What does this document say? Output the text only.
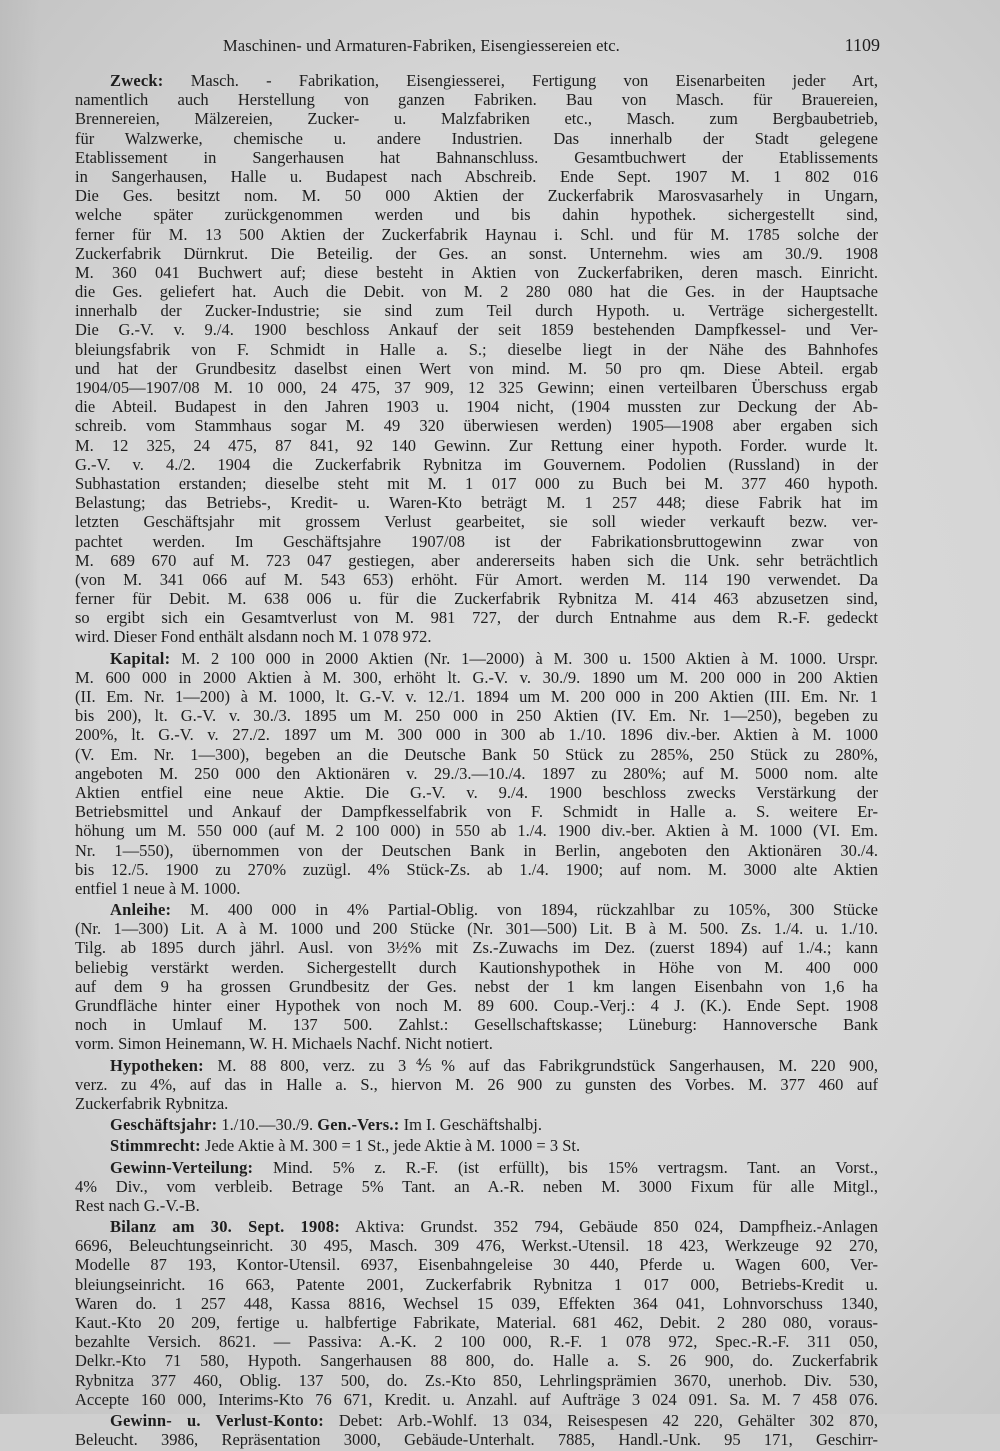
Maschinen- und Armaturen-Fabriken, Eisengiessereien etc.	1109
Zweck: Masch. - Fabrikation, Eisengiesserei, Fertigung von Eisenarbeiten jeder Art,
namentlich auch Herstellung von ganzen Fabriken. Bau von Masch. für Brauereien,
Brennereien, Mälzereien, Zucker- u. Malzfabriken etc., Masch. zum Bergbaubetrieb,
für Walzwerke, chemische u. andere Industrien. Das innerhalb der Stadt gelegene
Etablissement in Sangerhausen hat Bahnanschluss. Gesamtbuchwert der Etablissements
in Sangerhausen, Halle u. Budapest nach Abschreib. Ende Sept. 1907 M. 1 802 016
Die Ges. besitzt nom. M. 50 000 Aktien der Zuckerfabrik Marosvasarhely in Ungarn,
welche später zurückgenommen werden und bis dahin hypothek. sichergestellt sind,
ferner für M. 13 500 Aktien der Zuckerfabrik Haynau i. Schl. und für M. 1785 solche der
Zuckerfabrik Dürnkrut. Die Beteilig. der Ges. an sonst. Unternehm. wies am 30./9. 1908
M. 360 041 Buchwert auf; diese besteht in Aktien von Zuckerfabriken, deren masch. Einricht.
die Ges. geliefert hat. Auch die Debit. von M. 2 280 080 hat die Ges. in der Hauptsache
innerhalb der Zucker-Industrie; sie sind zum Teil durch Hypoth. u. Verträge sichergestellt.
Die G.-V. v. 9./4. 1900 beschloss Ankauf der seit 1859 bestehenden Dampfkessel- und Ver-
bleiungsfabrik von F. Schmidt in Halle a. S.; dieselbe liegt in der Nähe des Bahnhofes
und hat der Grundbesitz daselbst einen Wert von mind. M. 50 pro qm. Diese Abteil. ergab
1904/05—1907/08 M. 10 000, 24 475, 37 909, 12 325 Gewinn; einen verteilbaren Überschuss ergab
die Abteil. Budapest in den Jahren 1903 u. 1904 nicht, (1904 mussten zur Deckung der Ab-
schreib. vom Stammhaus sogar M. 49 320 überwiesen werden) 1905—1908 aber ergaben sich
M. 12 325, 24 475, 87 841, 92 140 Gewinn. Zur Rettung einer hypoth. Forder. wurde lt.
G.-V. v. 4./2. 1904 die Zuckerfabrik Rybnitza im Gouvernem. Podolien (Russland) in der
Subhastation erstanden; dieselbe steht mit M. 1 017 000 zu Buch bei M. 377 460 hypoth.
Belastung; das Betriebs-, Kredit- u. Waren-Kto beträgt M. 1 257 448; diese Fabrik hat im
letzten Geschäftsjahr mit grossem Verlust gearbeitet, sie soll wieder verkauft bezw. ver-
pachtet werden. Im Geschäftsjahre 1907/08 ist der Fabrikationsbruttogewinn zwar von
M. 689 670 auf M. 723 047 gestiegen, aber andererseits haben sich die Unk. sehr beträchtlich
(von M. 341 066 auf M. 543 653) erhöht. Für Amort. werden M. 114 190 verwendet. Da
ferner für Debit. M. 638 006 u. für die Zuckerfabrik Rybnitza M. 414 463 abzusetzen sind,
so ergibt sich ein Gesamtverlust von M. 981 727, der durch Entnahme aus dem R.-F. gedeckt
wird. Dieser Fond enthält alsdann noch M. 1 078 972.
Kapital: M. 2 100 000 in 2000 Aktien (Nr. 1—2000) à M. 300 u. 1500 Aktien à M. 1000. Urspr.
M. 600 000 in 2000 Aktien à M. 300, erhöht lt. G.-V. v. 30./9. 1890 um M. 200 000 in 200 Aktien
(II. Em. Nr. 1—200) à M. 1000, lt. G.-V. v. 12./1. 1894 um M. 200 000 in 200 Aktien (III. Em. Nr. 1
bis 200), lt. G.-V. v. 30./3. 1895 um M. 250 000 in 250 Aktien (IV. Em. Nr. 1—250), begeben zu
200%, lt. G.-V. v. 27./2. 1897 um M. 300 000 in 300 ab 1./10. 1896 div.-ber. Aktien à M. 1000
(V. Em. Nr. 1—300), begeben an die Deutsche Bank 50 Stück zu 285%, 250 Stück zu 280%,
angeboten M. 250 000 den Aktionären v. 29./3.—10./4. 1897 zu 280%; auf M. 5000 nom. alte
Aktien entfiel eine neue Aktie. Die G.-V. v. 9./4. 1900 beschloss zwecks Verstärkung der
Betriebsmittel und Ankauf der Dampfkesselfabrik von F. Schmidt in Halle a. S. weitere Er-
höhung um M. 550 000 (auf M. 2 100 000) in 550 ab 1./4. 1900 div.-ber. Aktien à M. 1000 (VI. Em.
Nr. 1—550), übernommen von der Deutschen Bank in Berlin, angeboten den Aktionären 30./4.
bis 12./5. 1900 zu 270% zuzügl. 4% Stück-Zs. ab 1./4. 1900; auf nom. M. 3000 alte Aktien
entfiel 1 neue à M. 1000.
Anleihe: M. 400 000 in 4% Partial-Oblig. von 1894, rückzahlbar zu 105%, 300 Stücke
(Nr. 1—300) Lit. A à M. 1000 und 200 Stücke (Nr. 301—500) Lit. B à M. 500. Zs. 1./4. u. 1./10.
Tilg. ab 1895 durch jährl. Ausl. von 3½% mit Zs.-Zuwachs im Dez. (zuerst 1894) auf 1./4.; kann
beliebig verstärkt werden. Sichergestellt durch Kautionshypothek in Höhe von M. 400 000
auf dem 9 ha grossen Grundbesitz der Ges. nebst der 1 km langen Eisenbahn von 1,6 ha
Grundfläche hinter einer Hypothek von noch M. 89 600. Coup.-Verj.: 4 J. (K.). Ende Sept. 1908
noch in Umlauf M. 137 500. Zahlst.: Gesellschaftskasse; Lüneburg: Hannoversche Bank
vorm. Simon Heinemann, W. H. Michaels Nachf. Nicht notiert.
Hypotheken: M. 88 800, verz. zu 3⅘% auf das Fabrikgrundstück Sangerhausen, M. 220 900,
verz. zu 4%, auf das in Halle a. S., hiervon M. 26 900 zu gunsten des Vorbes. M. 377 460 auf
Zuckerfabrik Rybnitza.
Geschäftsjahr: 1./10.—30./9. Gen.-Vers.: Im I. Geschäftshalbj.
Stimmrecht: Jede Aktie à M. 300 = 1 St., jede Aktie à M. 1000 = 3 St.
Gewinn-Verteilung: Mind. 5% z. R.-F. (ist erfüllt), bis 15% vertragsm. Tant. an Vorst.,
4% Div., vom verbleib. Betrage 5% Tant. an A.-R. neben M. 3000 Fixum für alle Mitgl.,
Rest nach G.-V.-B.
Bilanz am 30. Sept. 1908: Aktiva: Grundst. 352 794, Gebäude 850 024, Dampfheiz.-Anlagen
6696, Beleuchtungseinricht. 30 495, Masch. 309 476, Werkst.-Utensil. 18 423, Werkzeuge 92 270,
Modelle 87 193, Kontor-Utensil. 6937, Eisenbahngeleise 30 440, Pferde u. Wagen 600, Ver-
bleiungseinricht. 16 663, Patente 2001, Zuckerfabrik Rybnitza 1 017 000, Betriebs-Kredit u.
Waren do. 1 257 448, Kassa 8816, Wechsel 15 039, Effekten 364 041, Lohnvorschuss 1340,
Kaut.-Kto 20 209, fertige u. halbfertige Fabrikate, Material. 681 462, Debit. 2 280 080, voraus-
bezahlte Versich. 8621. — Passiva: A.-K. 2 100 000, R.-F. 1 078 972, Spec.-R.-F. 311 050,
Delkr.-Kto 71 580, Hypoth. Sangerhausen 88 800, do. Halle a. S. 26 900, do. Zuckerfabrik
Rybnitza 377 460, Oblig. 137 500, do. Zs.-Kto 850, Lehrlingsprämien 3670, unerhob. Div. 530,
Accepte 160 000, Interims-Kto 76 671, Kredit. u. Anzahl. auf Aufträge 3 024 091. Sa. M. 7 458 076.
Gewinn- u. Verlust-Konto: Debet: Arb.-Wohlf. 13 034, Reisespesen 42 220, Gehälter 302 870,
Beleucht. 3986, Repräsentation 3000, Gebäude-Unterhalt. 7885, Handl.-Unk. 95 171, Geschirr-
